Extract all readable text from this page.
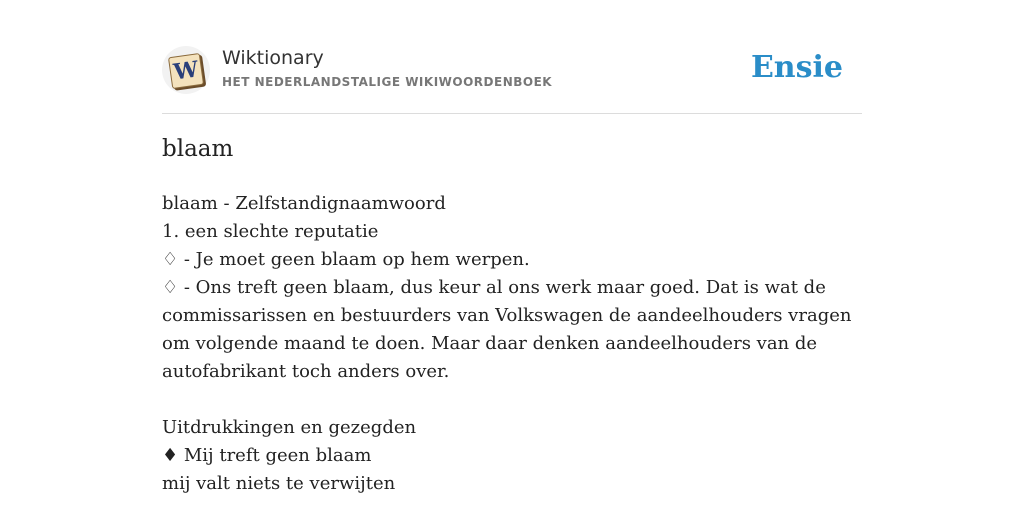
W Wiktionary
HET NEDERLANDSTALIGE WIKIWOORDENBOEK	Ensie
blaam

blaam - Zelfstandignaamwoord

1. een slechte reputatie

♢ - Je moet geen blaam op hem werpen.

♢ - Ons treft geen blaam, dus keur al ons werk maar goed. Dat is wat de commissarissen en bestuurders van Volkswagen de aandeelhouders vragen om volgende maand te doen. Maar daar denken aandeelhouders van de autofabrikant toch anders over.

Uitdrukkingen en gezegden

♦ Mij treft geen blaam

mij valt niets te verwijten
